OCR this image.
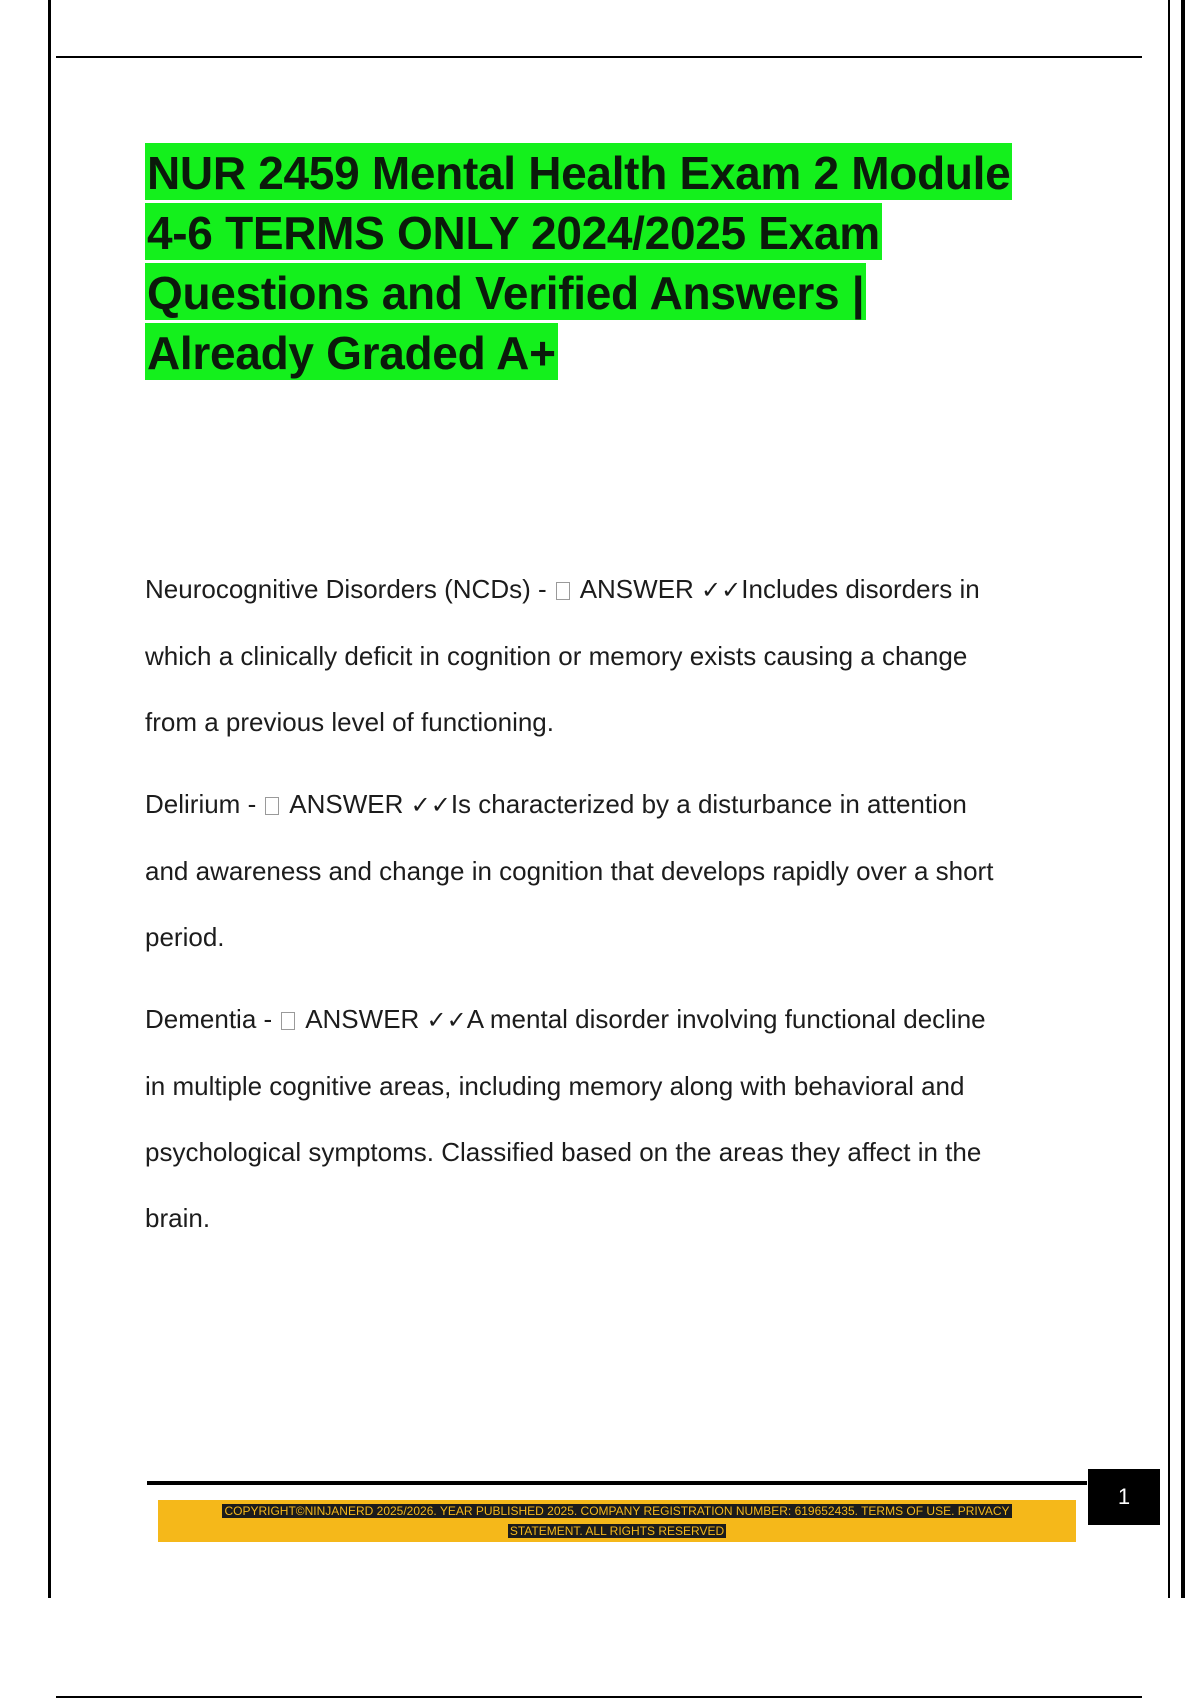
NUR 2459 Mental Health Exam 2 Module
4-6 TERMS ONLY 2024/2025 Exam
Questions and Verified Answers |
Already Graded A+

Neurocognitive Disorders (NCDs) -  ANSWER ✓✓Includes disorders in

which a clinically deficit in cognition or memory exists causing a change

from a previous level of functioning.

Delirium -  ANSWER ✓✓Is characterized by a disturbance in attention

and awareness and change in cognition that develops rapidly over a short

period.

Dementia -  ANSWER ✓✓A mental disorder involving functional decline

in multiple cognitive areas, including memory along with behavioral and

psychological symptoms. Classified based on the areas they affect in the

brain.

1
COPYRIGHT©NINJANERD 2025/2026. YEAR PUBLISHED 2025. COMPANY REGISTRATION NUMBER: 619652435. TERMS OF USE. PRIVACY
STATEMENT. ALL RIGHTS RESERVED
